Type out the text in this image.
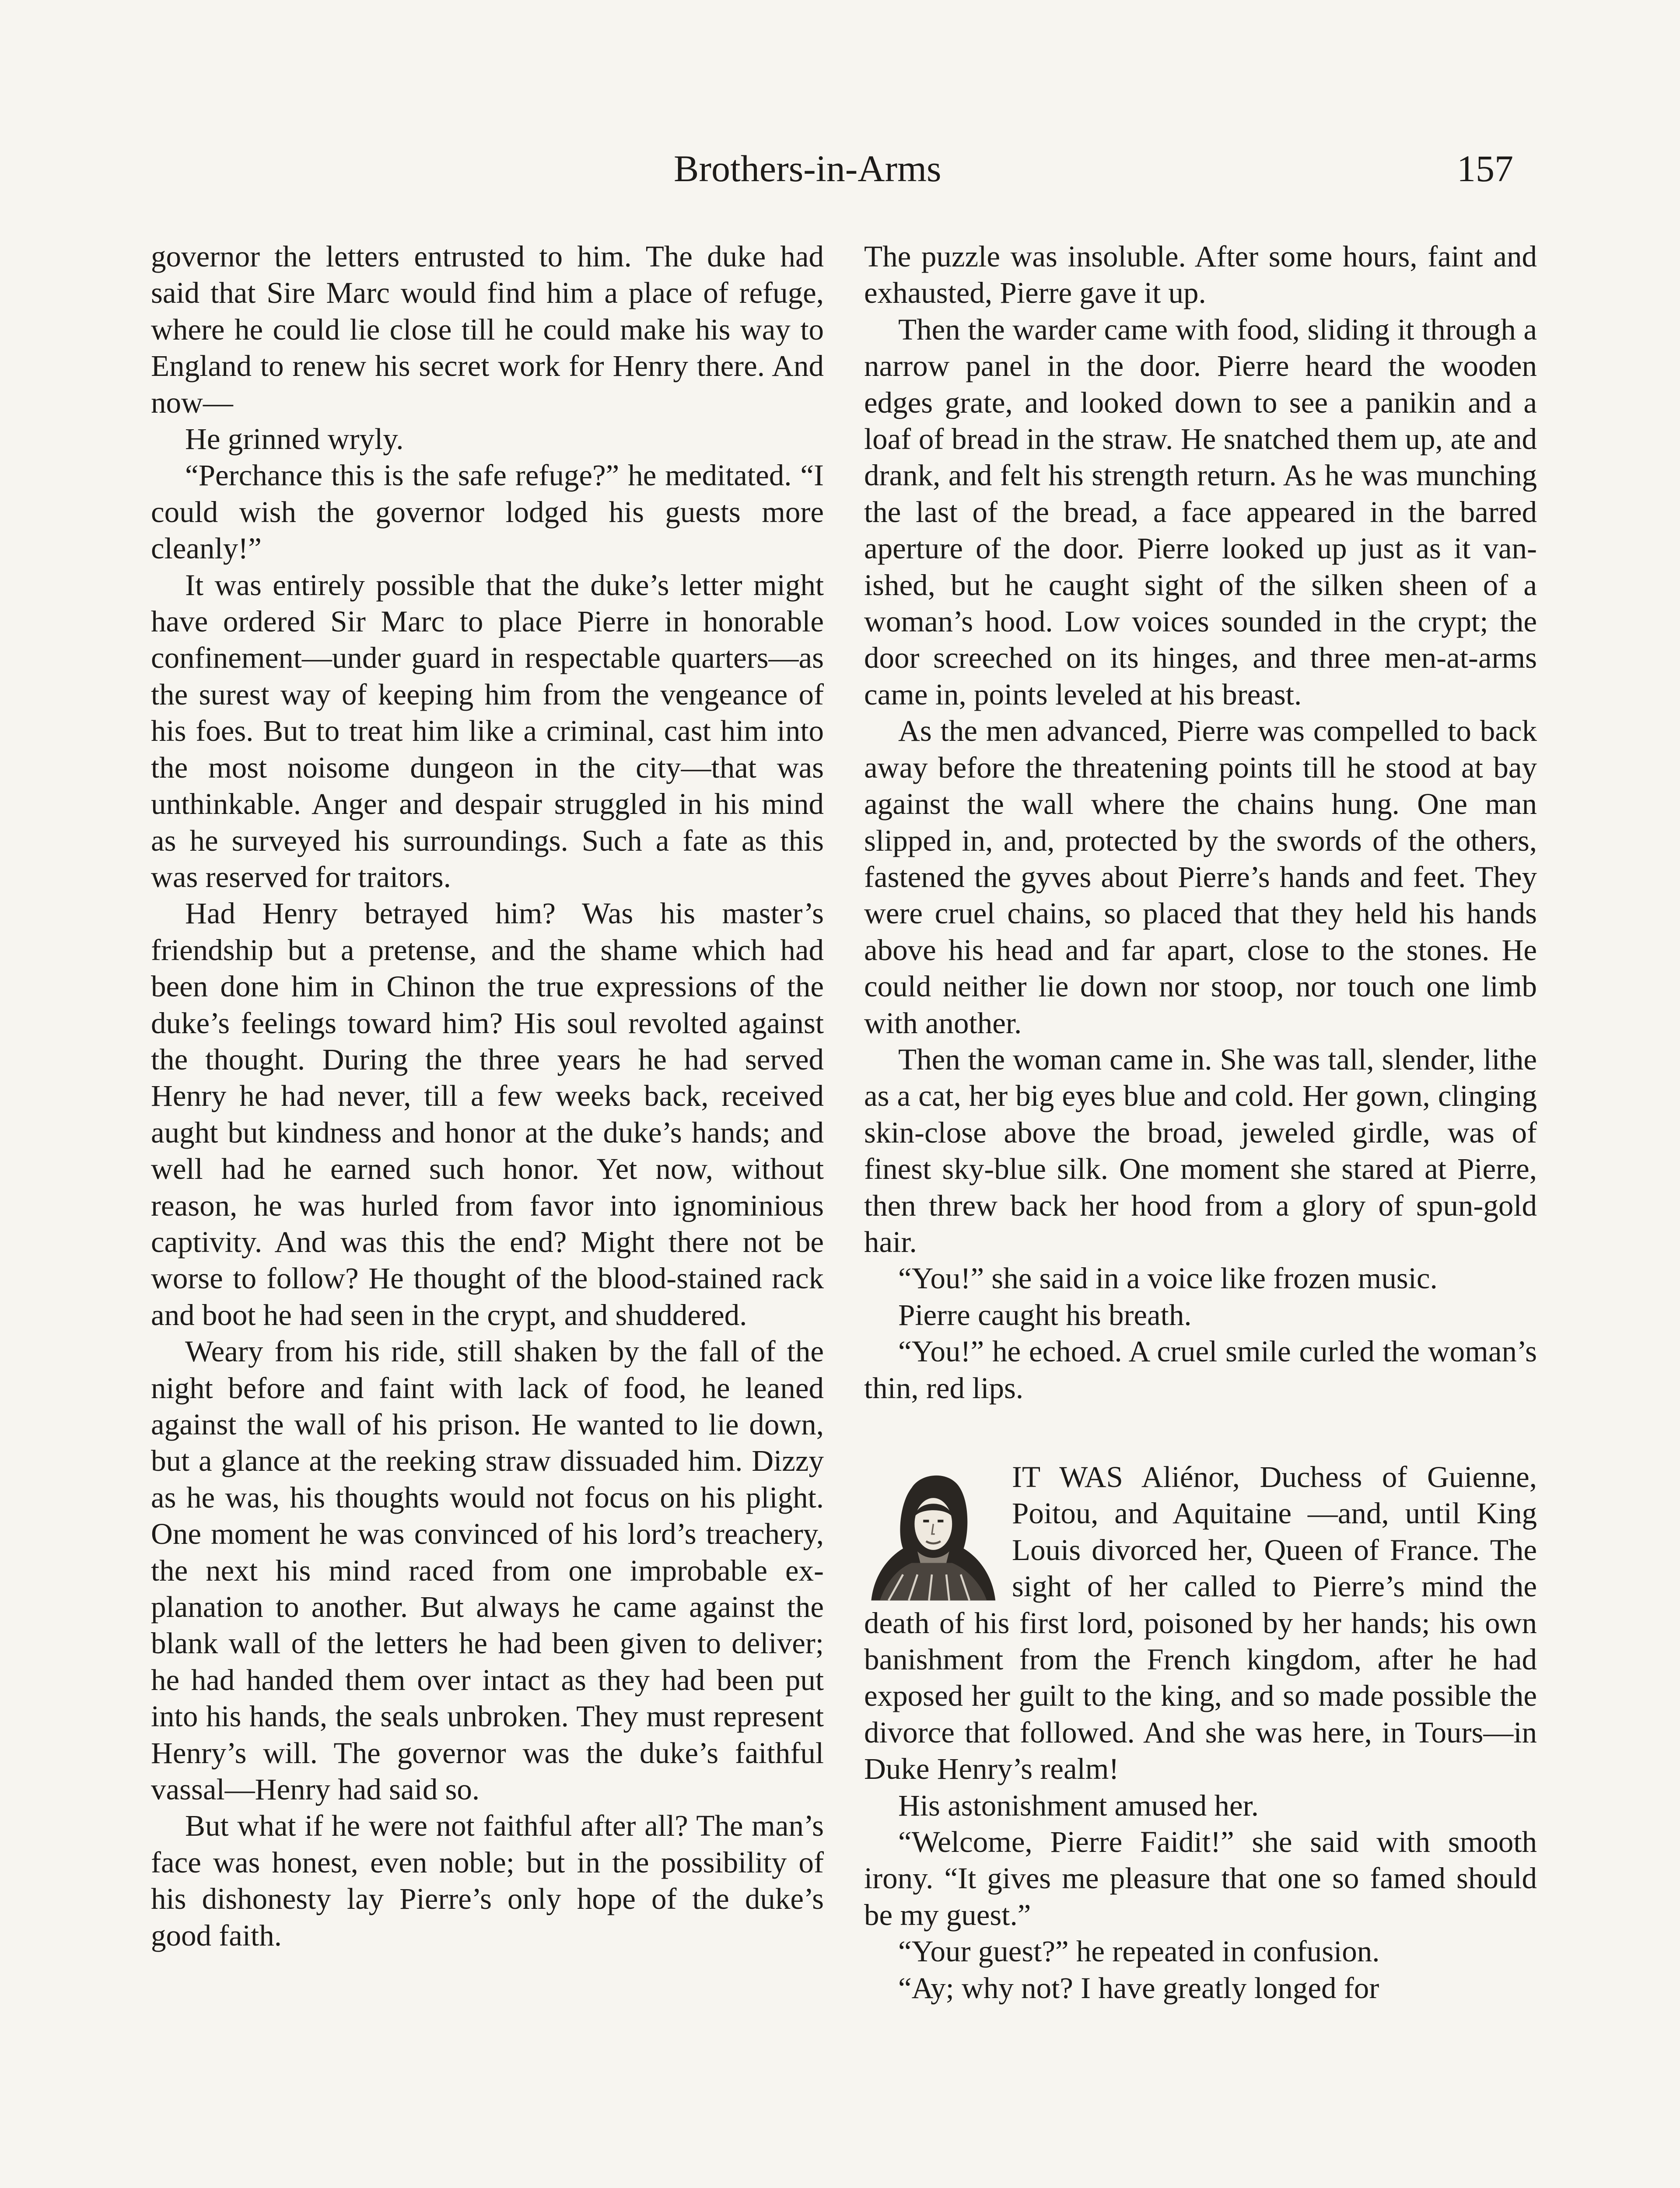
Brothers-in-Arms	157

governor the letters entrusted to him. The duke had said that Sire Marc would find him a place of refuge, where he could lie close till he could make his way to England to renew his secret work for Henry there. And now—

He grinned wryly.

“Perchance this is the safe refuge?” he meditated. “I could wish the governor lodged his guests more cleanly!”

It was entirely possible that the duke’s letter might have ordered Sir Marc to place Pierre in honorable confinement—under guard in respectable quarters—as the surest way of keeping him from the vengeance of his foes. But to treat him like a criminal, cast him into the most noisome dungeon in the city—that was unthinkable. Anger and despair struggled in his mind as he surveyed his surroundings. Such a fate as this was reserved for traitors.

Had Henry betrayed him? Was his master’s friendship but a pretense, and the shame which had been done him in Chinon the true expressions of the duke’s feelings toward him? His soul revolted against the thought. During the three years he had served Henry he had never, till a few weeks back, received aught but kindness and honor at the duke’s hands; and well had he earned such honor. Yet now, without reason, he was hurled from favor into ignominious captivity. And was this the end? Might there not be worse to follow? He thought of the blood-stained rack and boot he had seen in the crypt, and shuddered.

Weary from his ride, still shaken by the fall of the night before and faint with lack of food, he leaned against the wall of his prison. He wanted to lie down, but a glance at the reeking straw dissuaded him. Dizzy as he was, his thoughts would not focus on his plight. One moment he was convinced of his lord’s treachery, the next his mind raced from one improbable explanation to another. But always he came against the blank wall of the letters he had been given to deliver; he had handed them over intact as they had been put into his hands, the seals unbroken. They must represent Henry’s will. The governor was the duke’s faithful vassal—Henry had said so.

But what if he were not faithful after all? The man’s face was honest, even noble; but in the possibility of his dishonesty lay Pierre’s only hope of the duke’s good faith.

The puzzle was insoluble. After some hours, faint and exhausted, Pierre gave it up.

Then the warder came with food, sliding it through a narrow panel in the door. Pierre heard the wooden edges grate, and looked down to see a panikin and a loaf of bread in the straw. He snatched them up, ate and drank, and felt his strength return. As he was munching the last of the bread, a face appeared in the barred aperture of the door. Pierre looked up just as it vanished, but he caught sight of the silken sheen of a woman’s hood. Low voices sounded in the crypt; the door screeched on its hinges, and three men-at-arms came in, points leveled at his breast.

As the men advanced, Pierre was compelled to back away before the threatening points till he stood at bay against the wall where the chains hung. One man slipped in, and, protected by the swords of the others, fastened the gyves about Pierre’s hands and feet. They were cruel chains, so placed that they held his hands above his head and far apart, close to the stones. He could neither lie down nor stoop, nor touch one limb with another.

Then the woman came in. She was tall, slender, lithe as a cat, her big eyes blue and cold. Her gown, clinging skin-close above the broad, jeweled girdle, was of finest sky-blue silk. One moment she stared at Pierre, then threw back her hood from a glory of spun-gold hair.

“You!” she said in a voice like frozen music.

Pierre caught his breath.

“You!” he echoed. A cruel smile curled the woman’s thin, red lips.

IT WAS Aliénor, Duchess of Guienne, Poitou, and Aquitaine —and, until King Louis divorced her, Queen of France. The sight of her called to Pierre’s mind the death of his first lord, poisoned by her hands; his own banishment from the French kingdom, after he had exposed her guilt to the king, and so made possible the divorce that followed. And she was here, in Tours—in Duke Henry’s realm!

His astonishment amused her.

“Welcome, Pierre Faidit!” she said with smooth irony. “It gives me pleasure that one so famed should be my guest.”

“Your guest?” he repeated in confusion.

“Ay; why not? I have greatly longed for
